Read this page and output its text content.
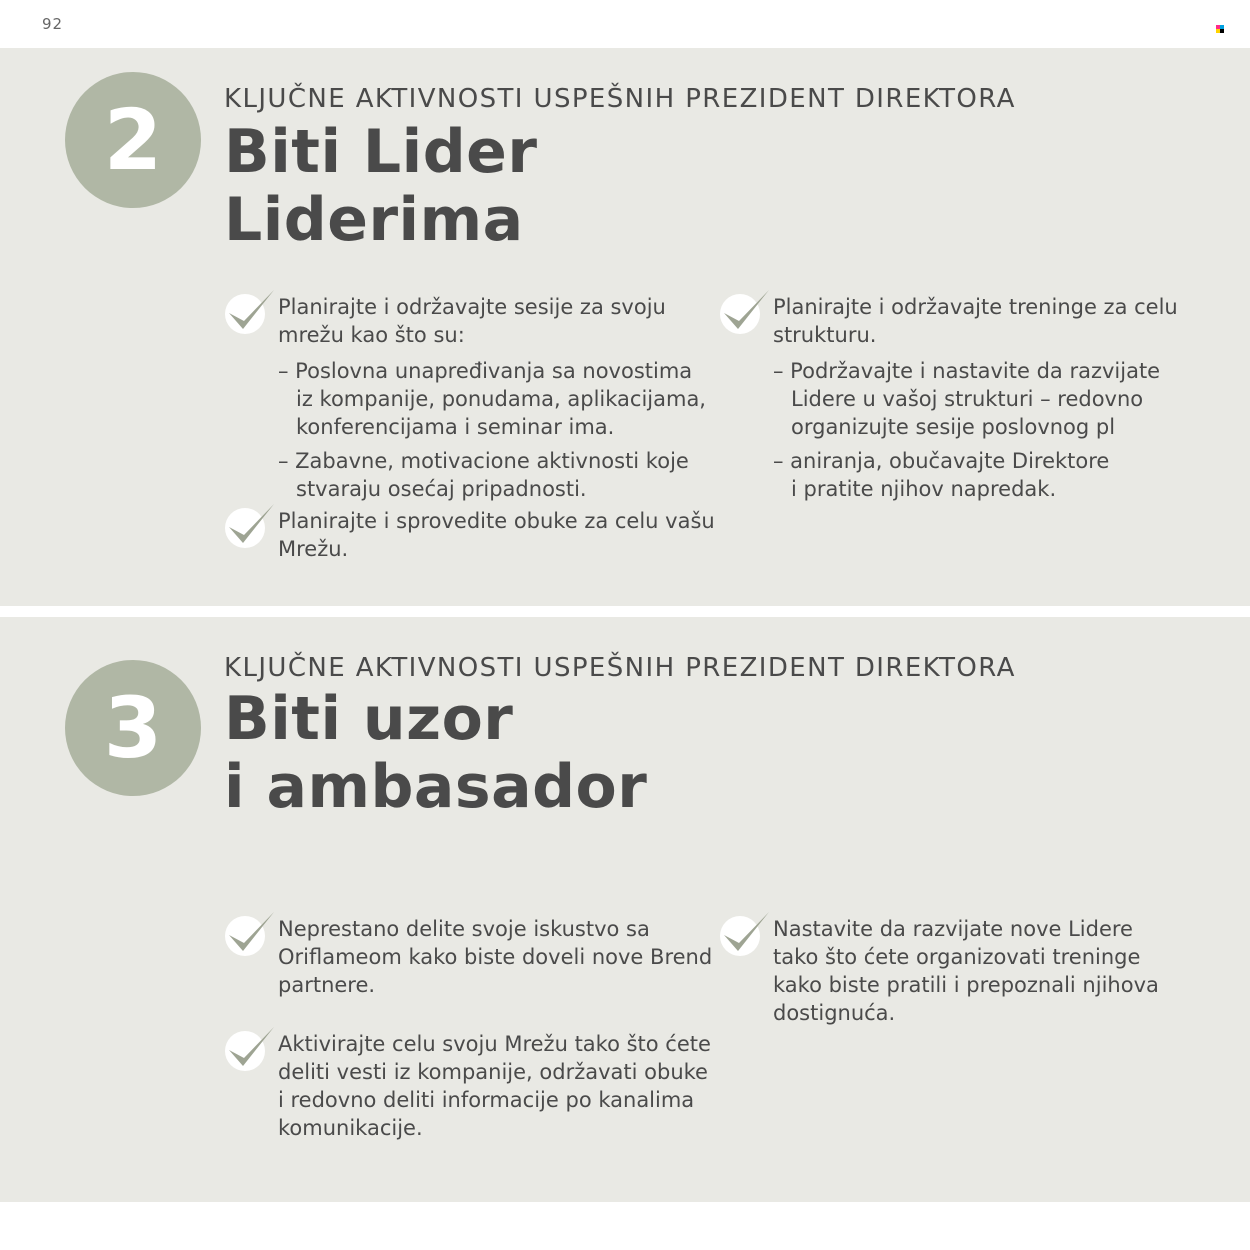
92
2	KLJUČNE AKTIVNOSTI USPEŠNIH PREZIDENT DIREKTORA
Biti Lider
Liderima
Planirajte i održavajte sesije za svoju
mrežu kao što su:
– Poslovna unapređivanja sa novostima
iz kompanije, ponudama, aplikacijama,
konferencijama i seminar ima.
– Zabavne, motivacione aktivnosti koje
stvaraju osećaj pripadnosti.
Planirajte i sprovedite obuke za celu vašu
Mrežu.
Planirajte i održavajte treninge za celu
strukturu.
– Podržavajte i nastavite da razvijate
Lidere u vašoj strukturi – redovno
organizujte sesije poslovnog pl
– aniranja, obučavajte Direktore
i pratite njihov napredak.
3
KLJUČNE AKTIVNOSTI USPEŠNIH PREZIDENT DIREKTORA
Biti uzor
i ambasador
Neprestano delite svoje iskustvo sa
Oriflameom kako biste doveli nove Brend
partnere.
Aktivirajte celu svoju Mrežu tako što ćete
deliti vesti iz kompanije, održavati obuke
i redovno deliti informacije po kanalima
komunikacije.
Nastavite da razvijate nove Lidere
tako što ćete organizovati treninge
kako biste pratili i prepoznali njihova
dostignuća.
